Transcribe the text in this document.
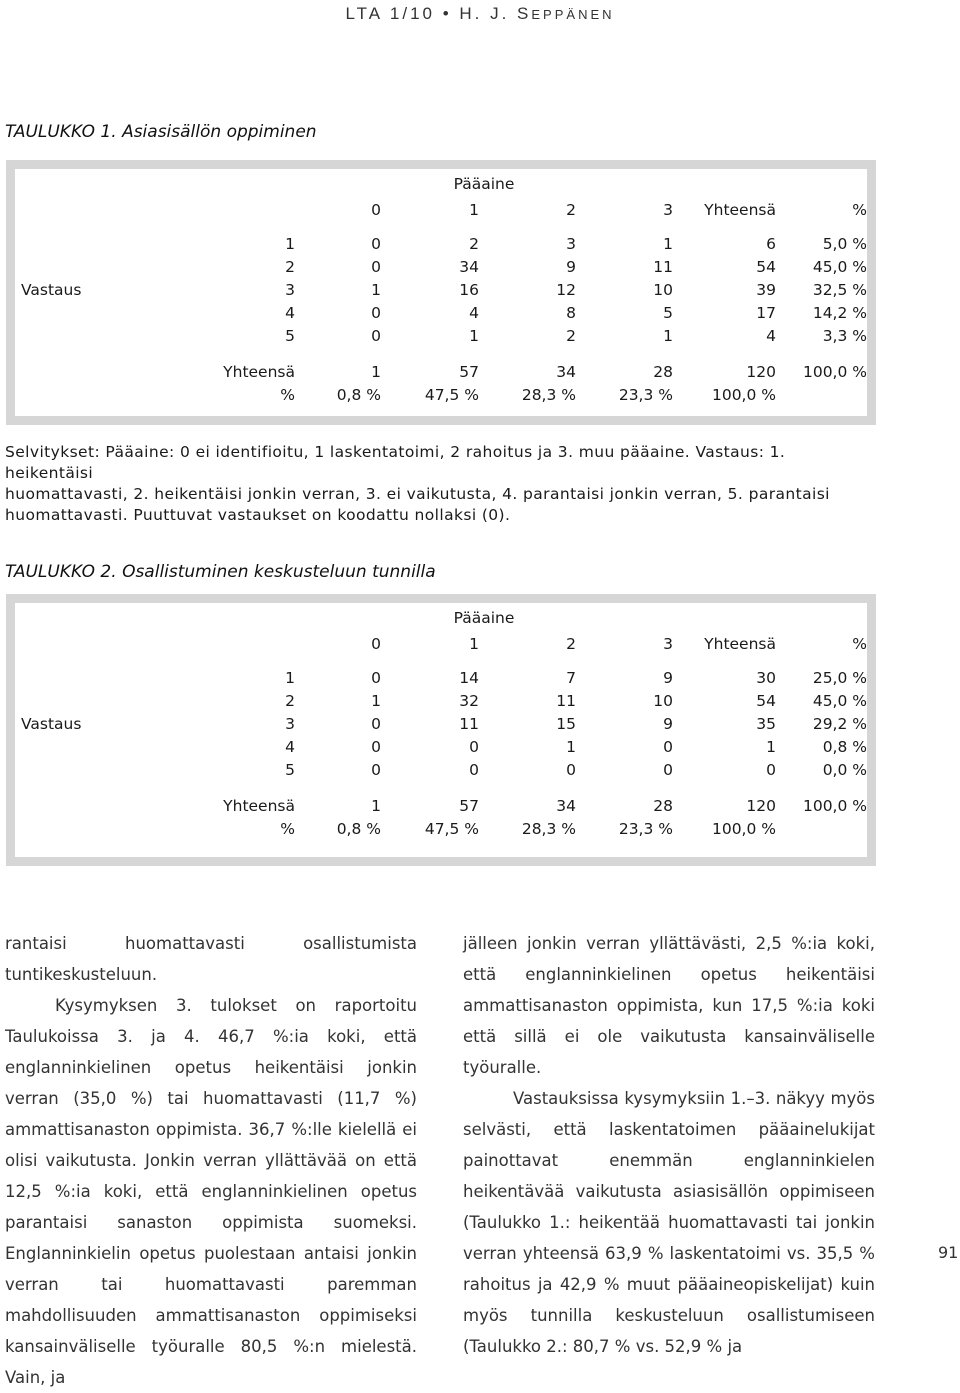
LTA 1/10 • H. J. SEPPÄNEN
TAULUKKO 1. Asiasisällön oppiminen
		Pääaine					
		0	1	2	3	Yhteensä	%

	1	0	2	3	1	6	5,0 %
	2	0	34	9	11	54	45,0 %
Vastaus	3	1	16	12	10	39	32,5 %
	4	0	4	8	5	17	14,2 %
	5	0	1	2	1	4	3,3 %

	Yhteensä	1	57	34	28	120	100,0 %
	%	0,8 %	47,5 %	28,3 %	23,3 %	100,0 %	
Selvitykset: Pääaine: 0 ei identifioitu, 1 laskentatoimi, 2 rahoitus ja 3. muu pääaine. Vastaus: 1. heikentäisi
huomattavasti, 2. heikentäisi jonkin verran, 3. ei vaikutusta, 4. parantaisi jonkin verran, 5. parantaisi
huomattavasti. Puuttuvat vastaukset on koodattu nollaksi (0).
TAULUKKO 2. Osallistuminen keskusteluun tunnilla
		Pääaine					
		0	1	2	3	Yhteensä	%

	1	0	14	7	9	30	25,0 %
	2	1	32	11	10	54	45,0 %
Vastaus	3	0	11	15	9	35	29,2 %
	4	0	0	1	0	1	0,8 %
	5	0	0	0	0	0	0,0 %

	Yhteensä	1	57	34	28	120	100,0 %
	%	0,8 %	47,5 %	28,3 %	23,3 %	100,0 %	

rantaisi huomattavasti osallistumista tuntikeskusteluun.

Kysymyksen 3. tulokset on raportoitu Taulukoissa 3. ja 4. 46,7 %:ia koki, että englanninkielinen opetus heikentäisi jonkin verran (35,0 %) tai huomattavasti (11,7 %) ammattisanaston oppimista. 36,7 %:lle kielellä ei olisi vaikutusta. Jonkin verran yllättävää on että 12,5 %:ia koki, että englanninkielinen opetus parantaisi sanaston oppimista suomeksi. Englanninkielin opetus puolestaan antaisi jonkin verran tai huomattavasti paremman mahdollisuuden ammattisanaston oppimiseksi kansainväliselle työuralle 80,5 %:n mielestä. Vain, ja

jälleen jonkin verran yllättävästi, 2,5 %:ia koki, että englanninkielinen opetus heikentäisi ammattisanaston oppimista, kun 17,5 %:ia koki että sillä ei ole vaikutusta kansainväliselle työuralle.

Vastauksissa kysymyksiin 1.–3. näkyy myös selvästi, että laskentatoimen pääainelukijat painottavat enemmän englanninkielen heikentävää vaikutusta asiasisällön oppimiseen (Taulukko 1.: heikentää huomattavasti tai jonkin verran yhteensä 63,9 % laskentatoimi vs. 35,5 % rahoitus ja 42,9 % muut pääaineopiskelijat) kuin myös tunnilla keskusteluun osallistumiseen (Taulukko 2.: 80,7 % vs. 52,9 % ja

91
